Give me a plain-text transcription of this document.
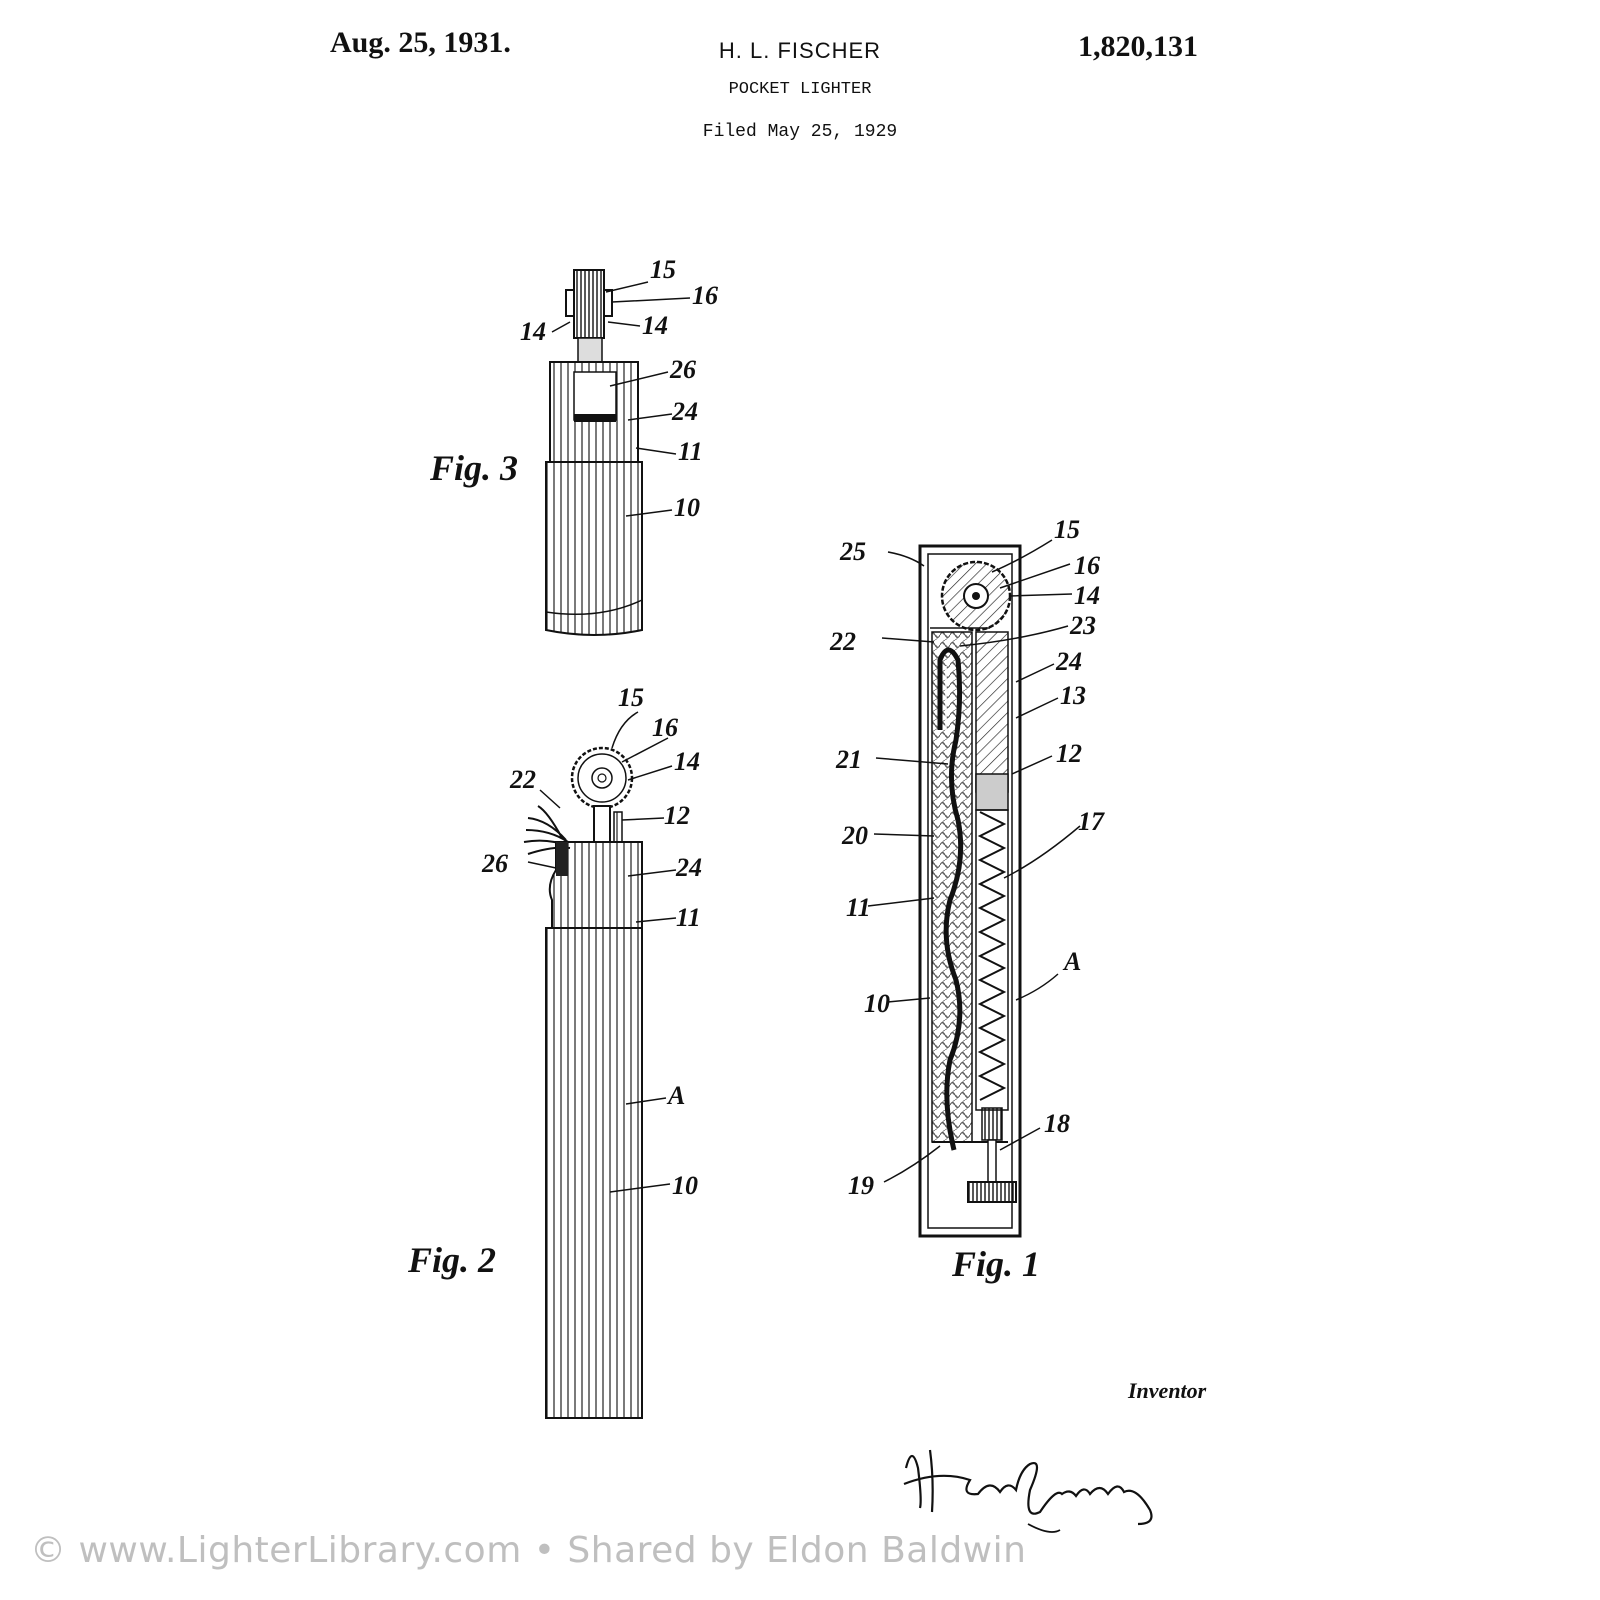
Aug. 25, 1931.	H. L. FISCHER
POCKET LIGHTER
Filed May 25, 1929
1,820,131
15
16
14	14
26
24
11
10
Fig. 3
15
16
14
22
12
26	24
11
A
10
Fig. 2
25
15
16
14
22
23
24
13
21	12
20	17
11
A
10
18
19
Fig. 1
Inventor
© www.LighterLibrary.com • Shared by Eldon Baldwin
